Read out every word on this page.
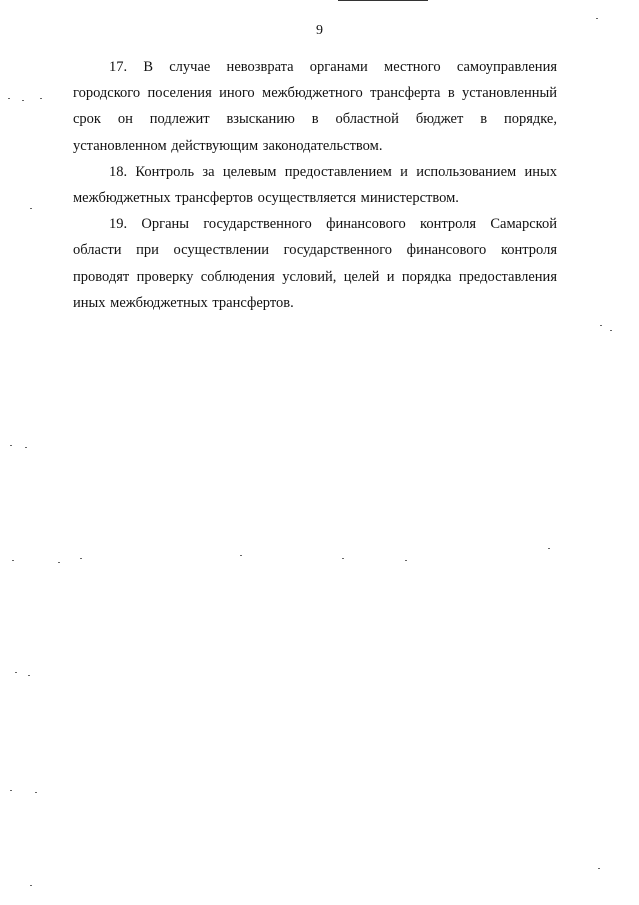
9

17. В случае невозврата органами местного самоуправления городского поселения иного межбюджетного трансферта в установленный срок он подлежит взысканию в областной бюджет в порядке, установленном действующим законодательством.

18. Контроль за целевым предоставлением и использованием иных межбюджетных трансфертов осуществляется министерством.

19. Органы государственного финансового контроля Самарской области при осуществлении государственного финансового контроля проводят проверку соблюдения условий, целей и порядка предоставления иных межбюджетных трансфертов.
